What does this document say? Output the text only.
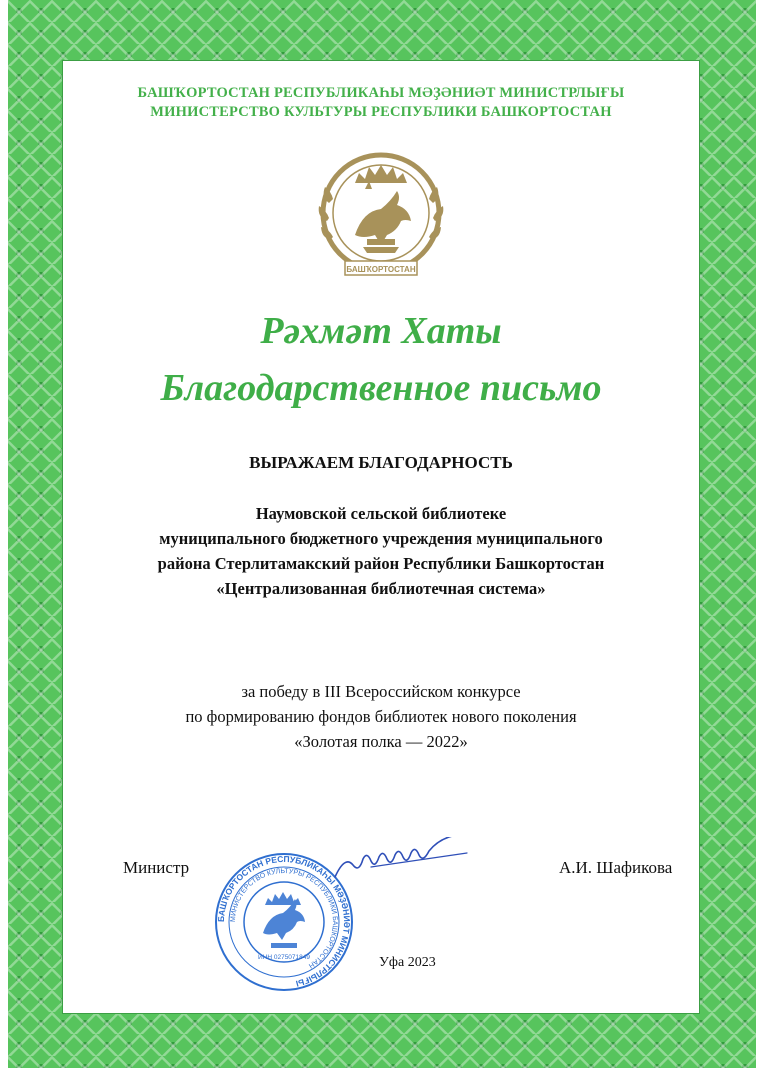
БАШҠОРТОСТАН РЕСПУБЛИКАҺЫ МӘҘӘНИӘТ МИНИСТРЛЫҒЫ
МИНИСТЕРСТВО КУЛЬТУРЫ РЕСПУБЛИКИ БАШКОРТОСТАН
БАШҠОРТОСТАН
Рәхмәт Хаты
Благодарственное письмо
ВЫРАЖАЕМ БЛАГОДАРНОСТЬ
Наумовской сельской библиотеке
муниципального бюджетного учреждения муниципального
района Стерлитамакский район Республики Башкортостан
«Централизованная библиотечная система»
за победу в III Всероссийском конкурсе
по формированию фондов библиотек нового поколения
«Золотая полка — 2022»
Министр
БАШҠОРТОСТАН РЕСПУБЛИКАҺЫ МӘҘӘНИӘТ МИНИСТРЛЫҒЫ
МИНИСТЕРСТВО КУЛЬТУРЫ РЕСПУБЛИКИ БАШКОРТОСТАН
ИНН 0275071849
А.И. Шафикова
Уфа 2023
